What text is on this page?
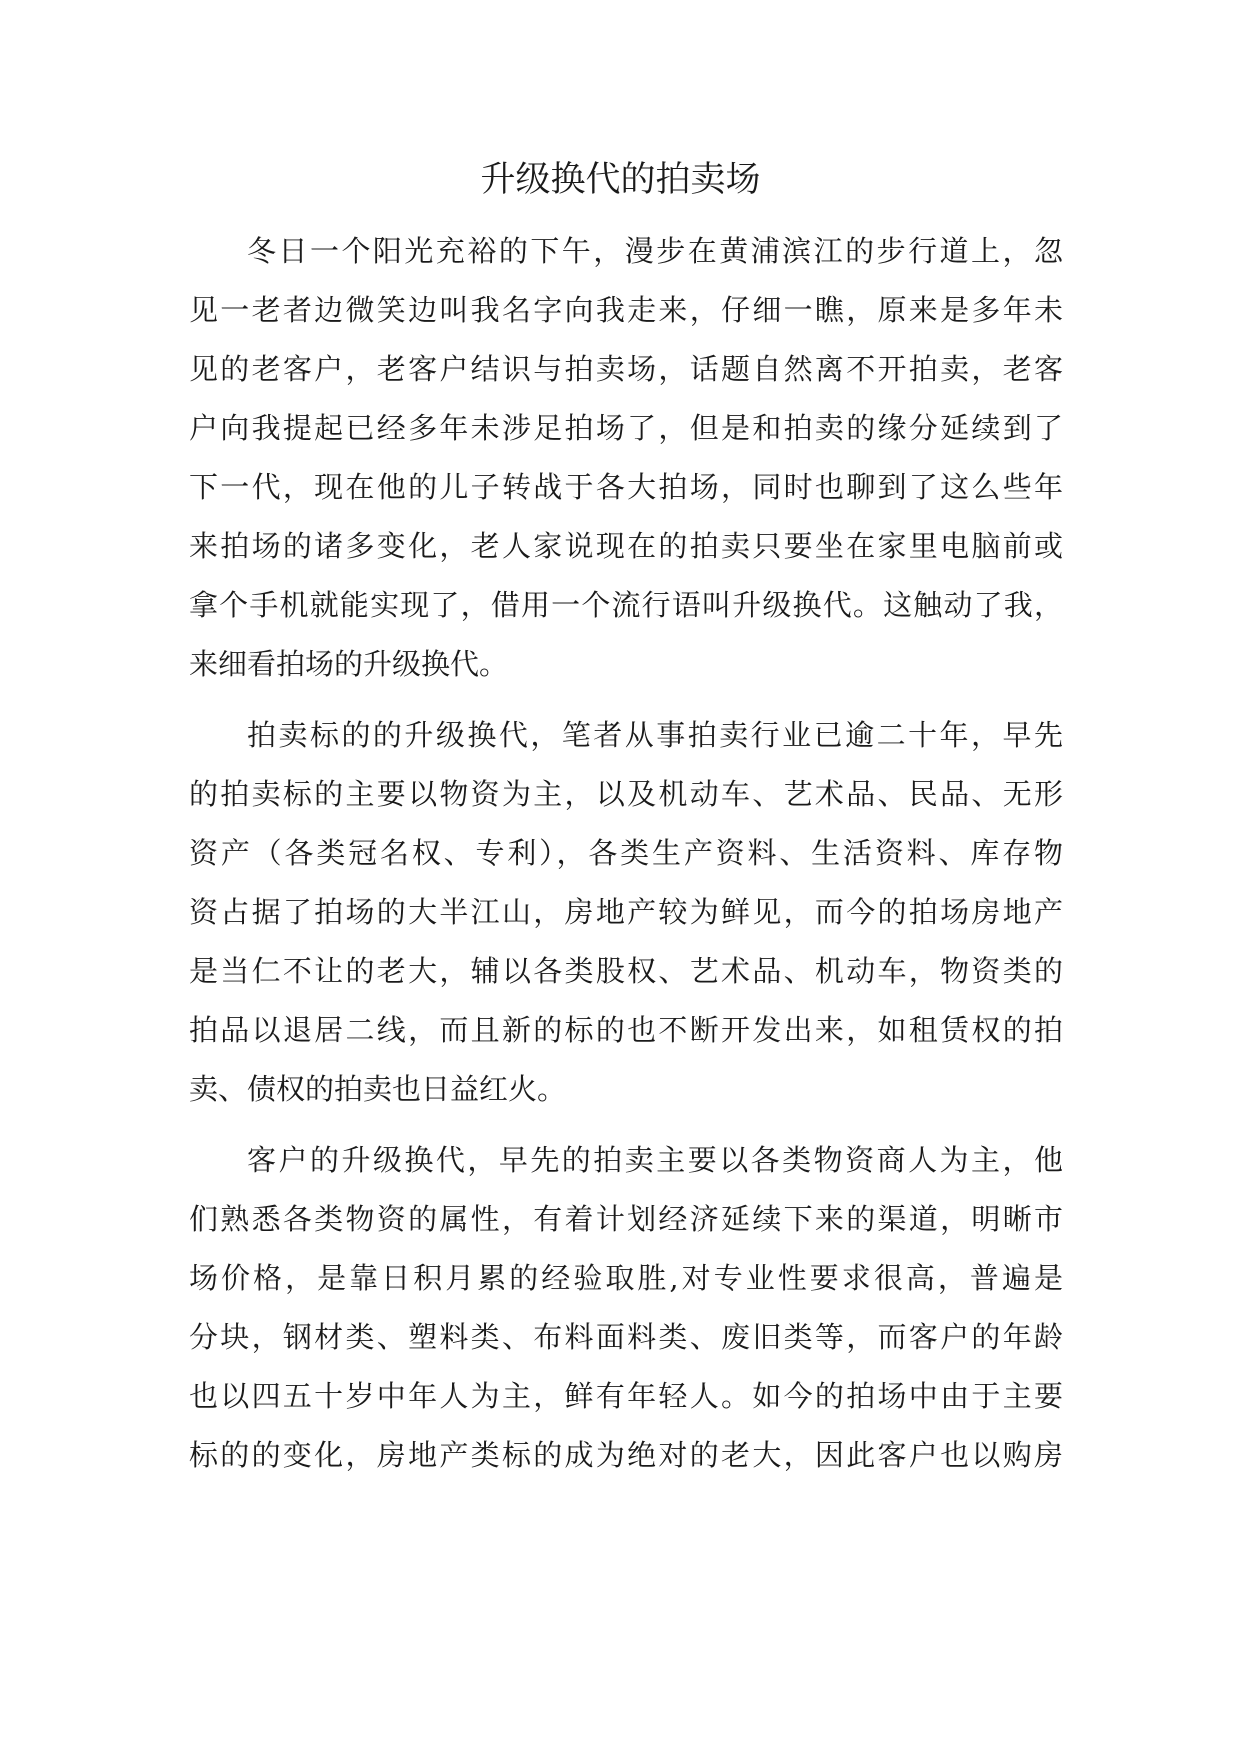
升级换代的拍卖场
冬日一个阳光充裕的下午，漫步在黄浦滨江的步行道上，忽
见一老者边微笑边叫我名字向我走来，仔细一瞧，原来是多年未
见的老客户，老客户结识与拍卖场，话题自然离不开拍卖，老客
户向我提起已经多年未涉足拍场了，但是和拍卖的缘分延续到了
下一代，现在他的儿子转战于各大拍场，同时也聊到了这么些年
来拍场的诸多变化，老人家说现在的拍卖只要坐在家里电脑前或
拿个手机就能实现了，借用一个流行语叫升级换代。这触动了我，
来细看拍场的升级换代。
拍卖标的的升级换代，笔者从事拍卖行业已逾二十年，早先
的拍卖标的主要以物资为主，以及机动车、艺术品、民品、无形
资产（各类冠名权、专利），各类生产资料、生活资料、库存物
资占据了拍场的大半江山，房地产较为鲜见，而今的拍场房地产
是当仁不让的老大，辅以各类股权、艺术品、机动车，物资类的
拍品以退居二线，而且新的标的也不断开发出来，如租赁权的拍
卖、债权的拍卖也日益红火。
客户的升级换代，早先的拍卖主要以各类物资商人为主，他
们熟悉各类物资的属性，有着计划经济延续下来的渠道，明晰市
场价格，是靠日积月累的经验取胜,对专业性要求很高，普遍是
分块，钢材类、塑料类、布料面料类、废旧类等，而客户的年龄
也以四五十岁中年人为主，鲜有年轻人。如今的拍场中由于主要
标的的变化，房地产类标的成为绝对的老大，因此客户也以购房
